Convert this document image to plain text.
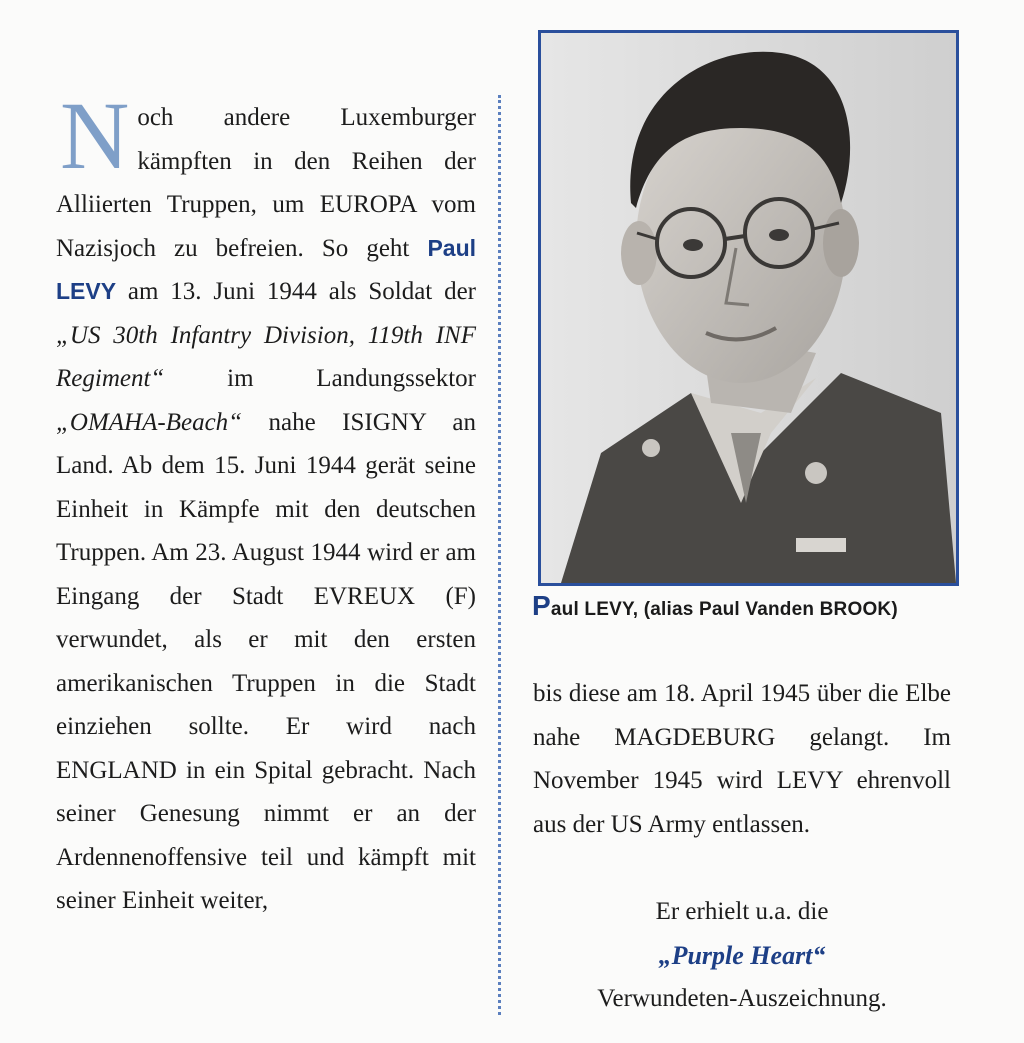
Noch andere Luxemburger kämpften in den Reihen der Alliierten Truppen, um EUROPA vom Nazisjoch zu befreien. So geht Paul LEVY am 13. Juni 1944 als Soldat der „US 30th Infantry Division, 119th INF Regiment“	im Landungssektor „OMAHA-Beach“ nahe ISIGNY an Land. Ab dem 15. Juni 1944 gerät seine Einheit in Kämpfe mit den deutschen Truppen. Am 23. August 1944 wird er am Eingang der Stadt EVREUX (F) verwundet, als er mit den ersten amerikanischen Truppen in die Stadt einziehen sollte. Er wird nach ENGLAND in ein Spital gebracht. Nach seiner Genesung nimmt er an der Ardennenoffensive teil und kämpft mit seiner Einheit weiter,

Paul LEVY, (alias Paul Vanden BROOK)

bis diese am 18. April 1945 über die Elbe nahe MAGDEBURG gelangt. Im November 1945 wird LEVY ehrenvoll aus der US Army entlassen.

Er erhielt u.a. die

„Purple Heart“

Verwundeten-Auszeichnung.
